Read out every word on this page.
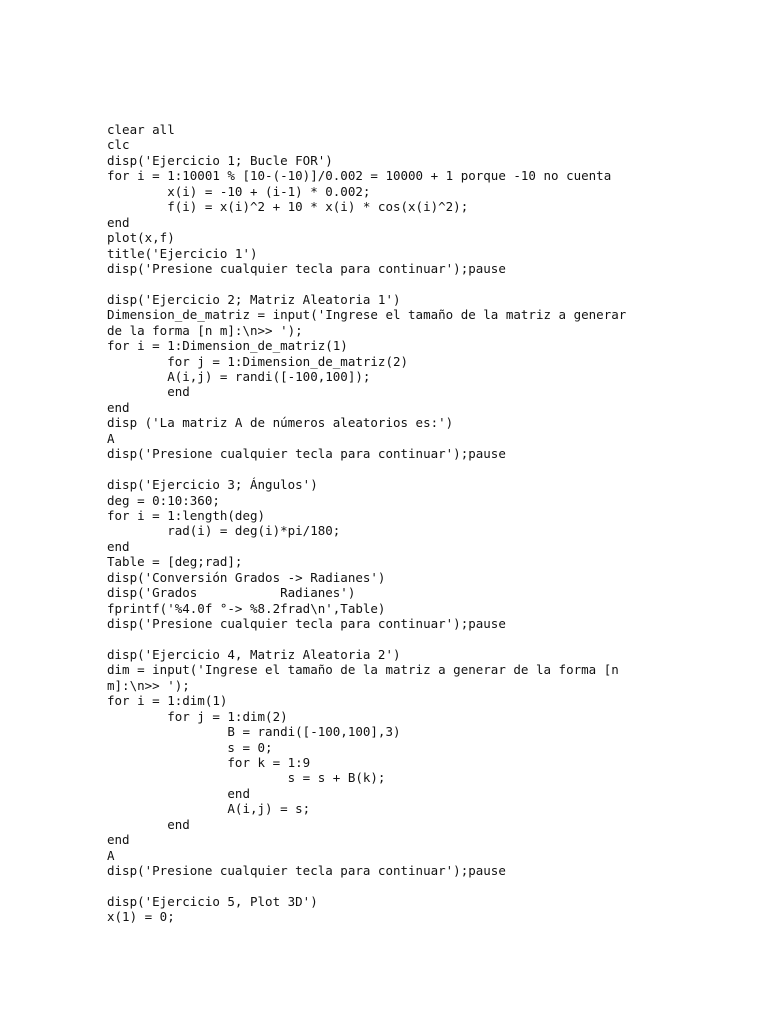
clear all
clc
disp('Ejercicio 1; Bucle FOR')
for i = 1:10001 % [10-(-10)]/0.002 = 10000 + 1 porque -10 no cuenta
x(i) = -10 + (i-1) * 0.002;
f(i) = x(i)^2 + 10 * x(i) * cos(x(i)^2);
end
plot(x,f)
title('Ejercicio 1')
disp('Presione cualquier tecla para continuar');pause
disp('Ejercicio 2; Matriz Aleatoria 1')
Dimension_de_matriz = input('Ingrese el tamaño de la matriz a generar
de la forma [n m]:\n>> ');
for i = 1:Dimension_de_matriz(1)
for j = 1:Dimension_de_matriz(2)
A(i,j) = randi([-100,100]);
end
end
disp ('La matriz A de números aleatorios es:')
A
disp('Presione cualquier tecla para continuar');pause
disp('Ejercicio 3; Ángulos')
deg = 0:10:360;
for i = 1:length(deg)
rad(i) = deg(i)*pi/180;
end
Table = [deg;rad];
disp('Conversión Grados -> Radianes')
disp('Grados           Radianes')
fprintf('%4.0f °-> %8.2frad\n',Table)
disp('Presione cualquier tecla para continuar');pause
disp('Ejercicio 4, Matriz Aleatoria 2')
dim = input('Ingrese el tamaño de la matriz a generar de la forma [n
m]:\n>> ');
for i = 1:dim(1)
for j = 1:dim(2)
B = randi([-100,100],3)
s = 0;
for k = 1:9
s = s + B(k);
end
A(i,j) = s;
end
end
A
disp('Presione cualquier tecla para continuar');pause
disp('Ejercicio 5, Plot 3D')
x(1) = 0;
